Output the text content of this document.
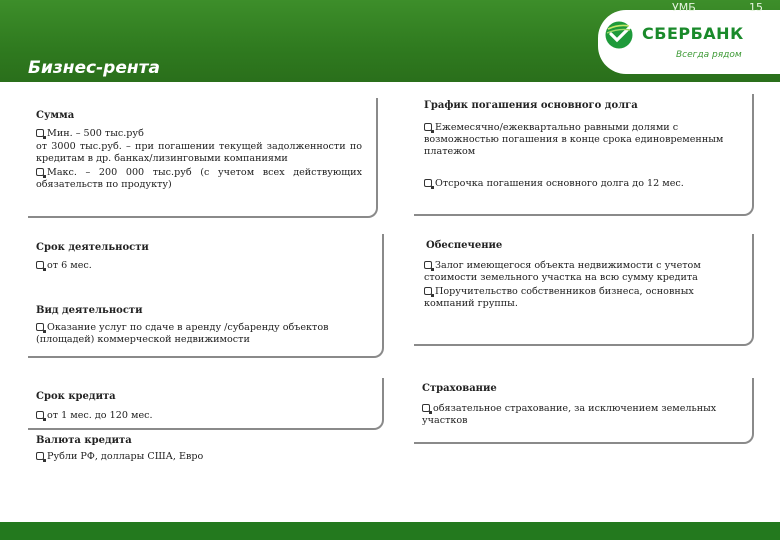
Бизнес-рента
СБЕРБАНК
Всегда рядом
Сумма
Мин. – 500 тыс.руб
от 3000 тыс.руб. – при погашении текущей задолженности по кредитам в др. банках/лизинговыми компаниями
Макс. – 200 000 тыс.руб (с учетом всех действующих обязательств по продукту)
Срок деятельности
от 6 мес.
Вид деятельности
Оказание услуг по сдаче в аренду /субаренду объектов (площадей) коммерческой недвижимости
Срок кредита
от 1 мес. до 120 мес.
Валюта кредита
Рубли РФ, доллары США, Евро
График погашения основного долга
Ежемесячно/ежеквартально равными долями с возможностью погашения в конце срока единовременным платежом
Отсрочка погашения основного долга до 12 мес.
Обеспечение
Залог имеющегося объекта недвижимости с учетом стоимости земельного участка на всю сумму кредита
Поручительство собственников бизнеса, основных компаний группы.
Страхование
обязательное страхование, за исключением земельных участков
УМБ	15
